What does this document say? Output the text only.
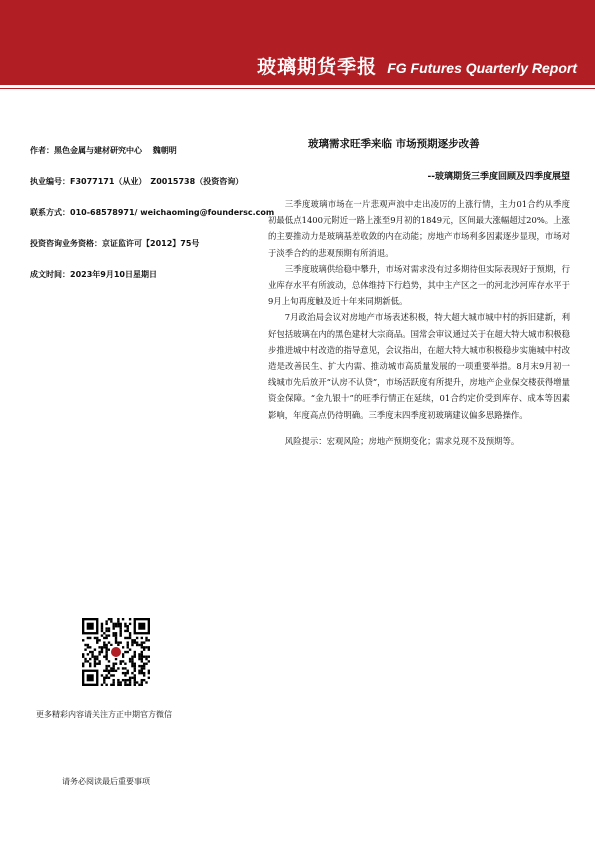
玻璃期货季报 FG Futures Quarterly Report
作者：黑色金属与建材研究中心　 魏朝明
执业编号：F3077171（从业）　Z0015738（投资咨询）
联系方式：010-68578971/ weichaoming@foundersc.com
投资咨询业务资格：京证监许可【2012】75号
成文时间：2023年9月10日星期日
玻璃需求旺季来临 市场预期逐步改善
--玻璃期货三季度回顾及四季度展望

三季度玻璃市场在一片悲观声浪中走出凌厉的上涨行情，主力01合约从季度初最低点1400元附近一路上涨至9月初的1849元，区间最大涨幅超过20%。上涨的主要推动力是玻璃基差收敛的内在动能；房地产市场利多因素逐步显现，市场对于淡季合约的悲观预期有所消退。

三季度玻璃供给稳中攀升，市场对需求没有过多期待但实际表现好于预期，行业库存水平有所波动，总体维持下行趋势，其中主产区之一的河北沙河库存水平于9月上旬再度触及近十年来同期新低。

7月政治局会议对房地产市场表述积极，特大超大城市城中村的拆旧建新，利好包括玻璃在内的黑色建材大宗商品。国常会审议通过关于在超大特大城市积极稳步推进城中村改造的指导意见，会议指出，在超大特大城市积极稳步实施城中村改造是改善民生、扩大内需、推动城市高质量发展的一项重要举措。8月末9月初一线城市先后放开“认房不认贷”，市场活跃度有所提升，房地产企业保交楼获得增量资金保障。“金九银十”的旺季行情正在延续，01合约定价受到库存、成本等因素影响，年度高点仍待明确。三季度末四季度初玻璃建议偏多思路操作。

风险提示：宏观风险；房地产预期变化；需求兑现不及预期等。

更多精彩内容请关注方正中期官方微信
请务必阅读最后重要事项
